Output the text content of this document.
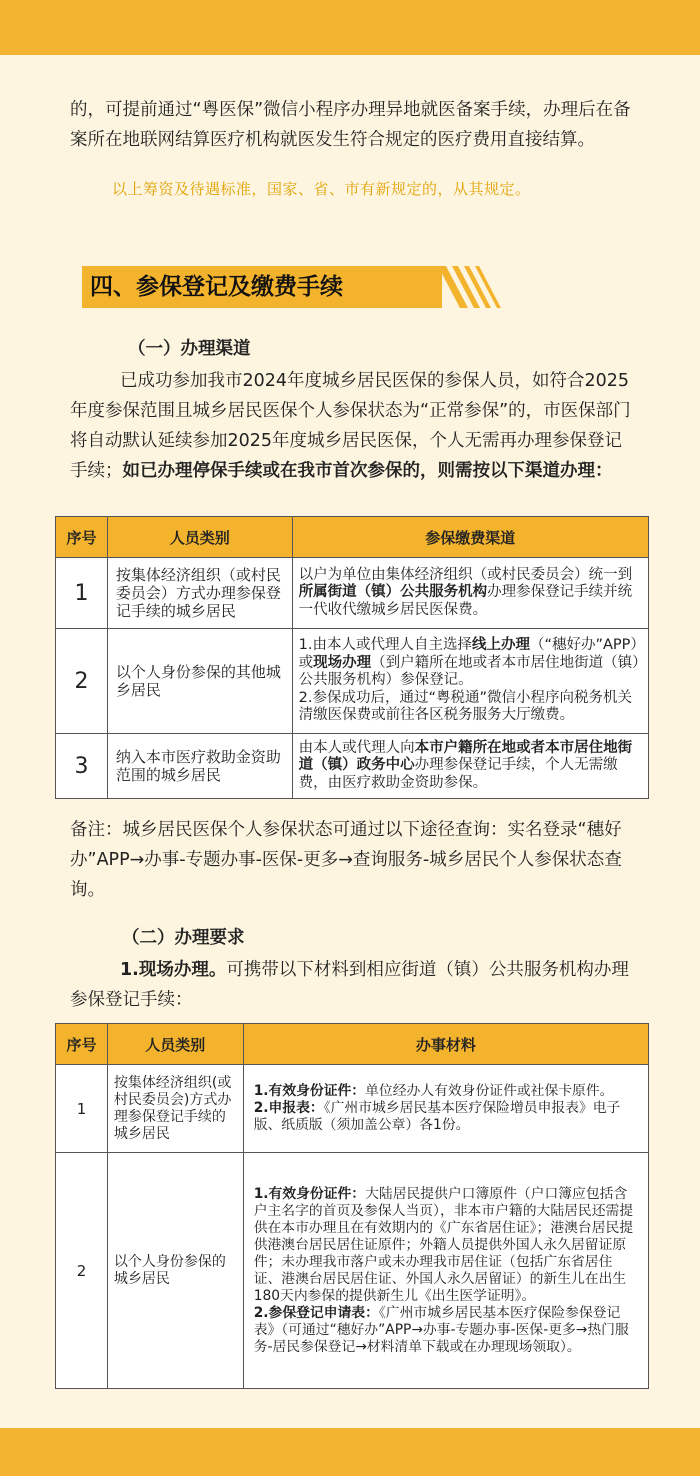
的，可提前通过“粤医保”微信小程序办理异地就医备案手续，办理后在备案所在地联网结算医疗机构就医发生符合规定的医疗费用直接结算。
以上筹资及待遇标准，国家、省、市有新规定的，从其规定。
四、参保登记及缴费手续
（一）办理渠道
已成功参加我市2024年度城乡居民医保的参保人员，如符合2025年度参保范围且城乡居民医保个人参保状态为“正常参保”的，市医保部门将自动默认延续参加2025年度城乡居民医保，个人无需再办理参保登记手续；如已办理停保手续或在我市首次参保的，则需按以下渠道办理：
序号	人员类别	参保缴费渠道
1	按集体经济组织（或村民委员会）方式办理参保登记手续的城乡居民	以户为单位由集体经济组织（或村民委员会）统一到所属街道（镇）公共服务机构办理参保登记手续并统一代收代缴城乡居民医保费。
2	以个人身份参保的其他城乡居民	1.由本人或代理人自主选择线上办理（“穗好办”APP）或现场办理（到户籍所在地或者本市居住地街道（镇）公共服务机构）参保登记。
2.参保成功后，通过“粤税通”微信小程序向税务机关清缴医保费或前往各区税务服务大厅缴费。
3	纳入本市医疗救助金资助范围的城乡居民	由本人或代理人向本市户籍所在地或者本市居住地街道（镇）政务中心办理参保登记手续，个人无需缴费，由医疗救助金资助参保。
备注：城乡居民医保个人参保状态可通过以下途径查询：实名登录“穗好办”APP→办事-专题办事-医保-更多→查询服务-城乡居民个人参保状态查询。
（二）办理要求
1.现场办理。可携带以下材料到相应街道（镇）公共服务机构办理参保登记手续：
序号	人员类别	办事材料
1	按集体经济组织(或村民委员会)方式办理参保登记手续的城乡居民	1.有效身份证件：单位经办人有效身份证件或社保卡原件。
2.申报表：《广州市城乡居民基本医疗保险增员申报表》电子版、纸质版（须加盖公章）各1份。
2	以个人身份参保的城乡居民	1.有效身份证件：大陆居民提供户口簿原件（户口簿应包括含户主名字的首页及参保人当页），非本市户籍的大陆居民还需提供在本市办理且在有效期内的《广东省居住证》；港澳台居民提供港澳台居民居住证原件；外籍人员提供外国人永久居留证原件；未办理我市落户或未办理我市居住证（包括广东省居住证、港澳台居民居住证、外国人永久居留证）的新生儿在出生180天内参保的提供新生儿《出生医学证明》。
2.参保登记申请表：《广州市城乡居民基本医疗保险参保登记表》（可通过“穗好办”APP→办事-专题办事-医保-更多→热门服务-居民参保登记→材料清单下载或在办理现场领取）。
